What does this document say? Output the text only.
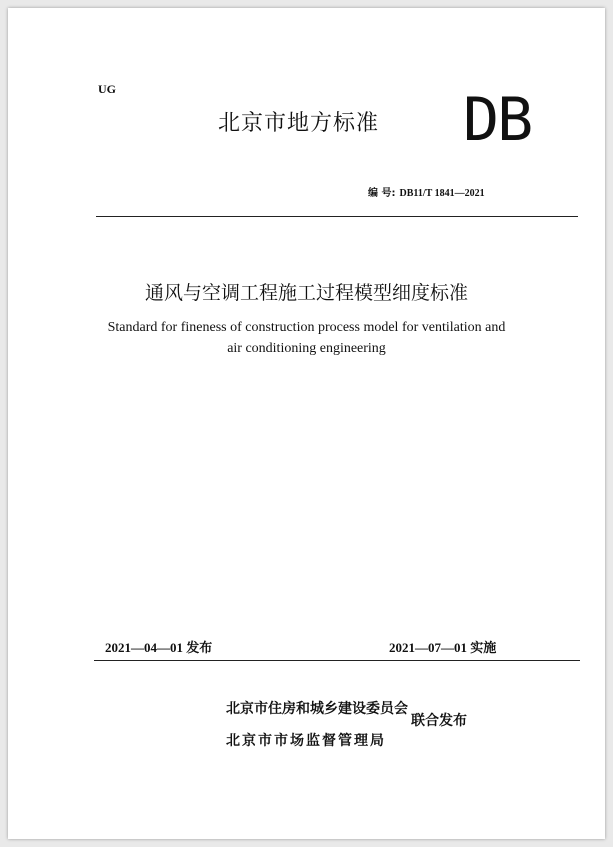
UG
北京市地方标准 DB
编 号: DB11/T 1841—2021
通风与空调工程施工过程模型细度标准
Standard for fineness of construction process model for ventilation and
air conditioning engineering
2021—04—01 发布	2021—07—01 实施
北京市住房和城乡建设委员会
北京市市场监督管理局
联合发布
